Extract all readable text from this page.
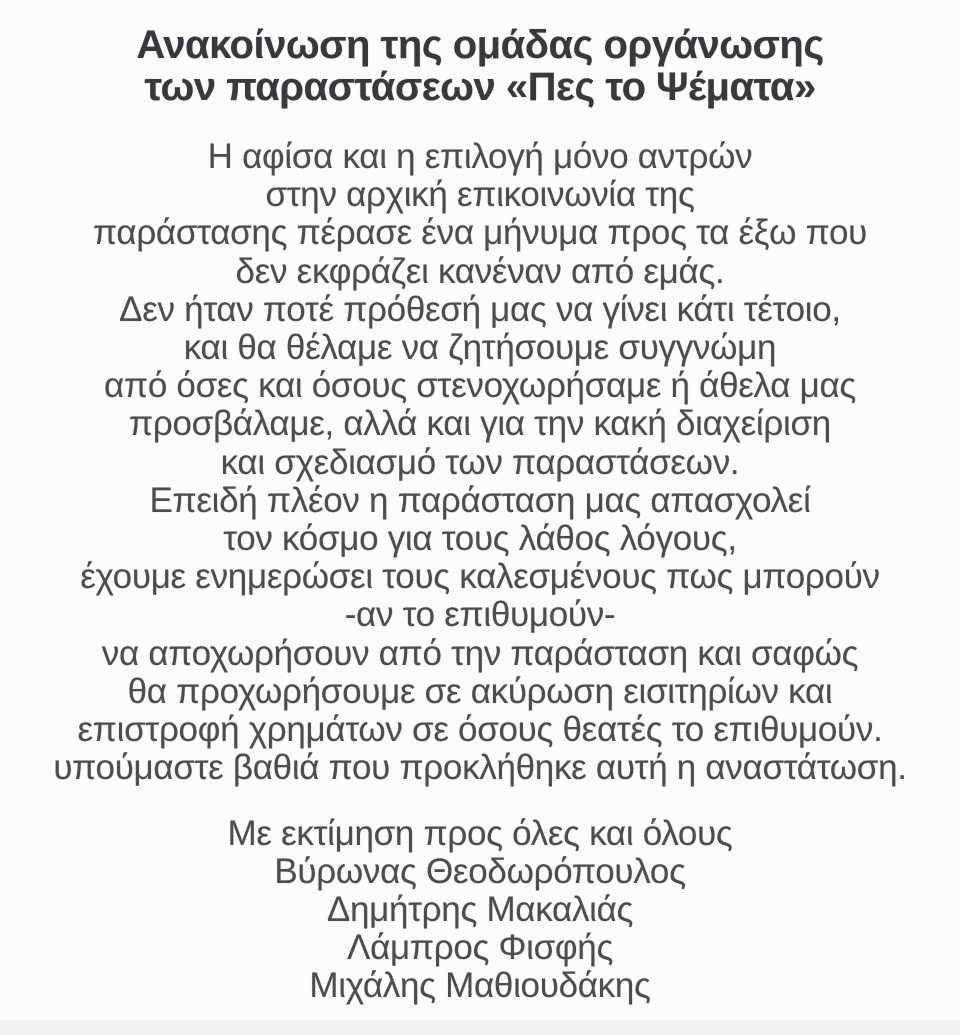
Ανακοίνωση της ομάδας οργάνωσης
των παραστάσεων «Πες το Ψέματα»
Η αφίσα και η επιλογή μόνο αντρών
στην αρχική επικοινωνία της
παράστασης πέρασε ένα μήνυμα προς τα έξω που
δεν εκφράζει κανέναν από εμάς.
Δεν ήταν ποτέ πρόθεσή μας να γίνει κάτι τέτοιο,
και θα θέλαμε να ζητήσουμε συγγνώμη
από όσες και όσους στενοχωρήσαμε ή άθελα μας
προσβάλαμε, αλλά και για την κακή διαχείριση
και σχεδιασμό των παραστάσεων.
Επειδή πλέον η παράσταση μας απασχολεί
τον κόσμο για τους λάθος λόγους,
έχουμε ενημερώσει τους καλεσμένους πως μπορούν
-αν το επιθυμούν-
να αποχωρήσουν από την παράσταση και σαφώς
θα προχωρήσουμε σε ακύρωση εισιτηρίων και
επιστροφή χρημάτων σε όσους θεατές το επιθυμούν.
υπούμαστε βαθιά που προκλήθηκε αυτή η αναστάτωση.
Με εκτίμηση προς όλες και όλους
Βύρωνας Θεοδωρόπουλος
Δημήτρης Μακαλιάς
Λάμπρος Φισφής
Μιχάλης Μαθιουδάκης
